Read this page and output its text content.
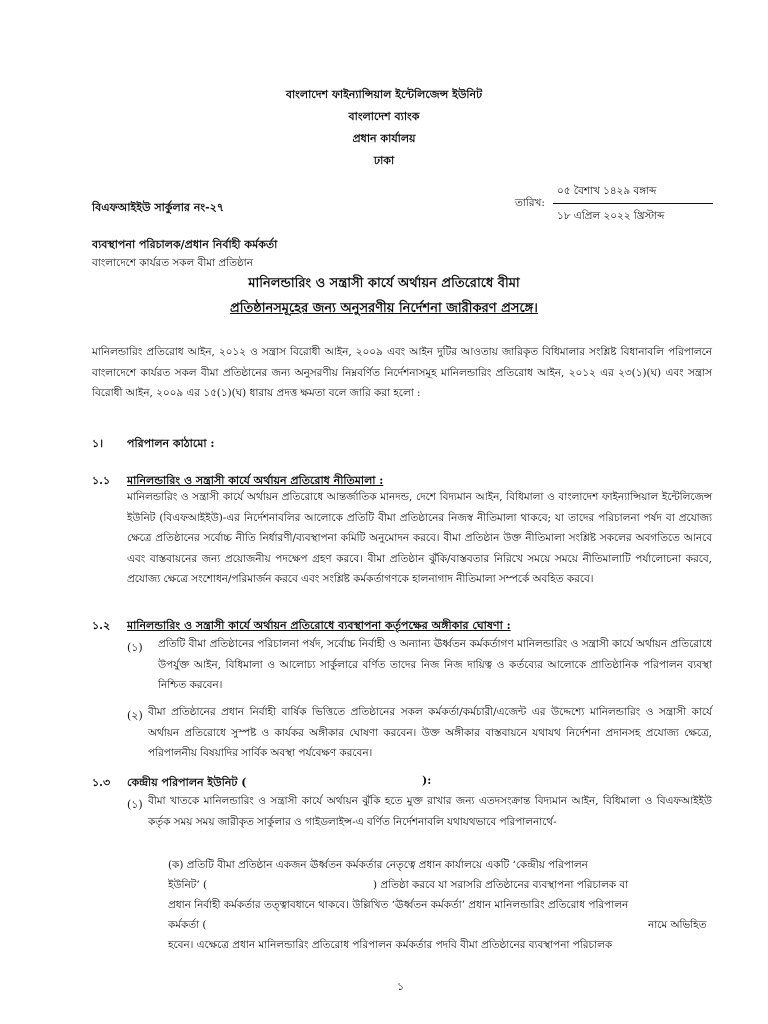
বাংলাদেশ ফাইন্যান্সিয়াল ইন্টেলিজেন্স ইউনিট
বাংলাদেশ ব্যাংক
প্রধান কার্যালয়
ঢাকা
বিএফআইইউ সার্কুলার নং-২৭	তারিখ:
০৫ বৈশাখ ১৪২৯ বঙ্গাব্দ
১৮ এপ্রিল ২০২২ খ্রিস্টাব্দ
ব্যবস্থাপনা পরিচালক/প্রধান নির্বাহী কর্মকর্তা
বাংলাদেশে কার্যরত সকল বীমা প্রতিষ্ঠান
মানিলন্ডারিং ও সন্ত্রাসী কার্যে অর্থায়ন প্রতিরোধে বীমা
প্রতিষ্ঠানসমূহের জন্য অনুসরণীয় নির্দেশনা জারীকরণ প্রসঙ্গে।
মানিলন্ডারিং প্রতিরোধ আইন, ২০১২ ও সন্ত্রাস বিরোধী আইন, ২০০৯ এবং আইন দুটির আওতায় জারিকৃত বিধিমালার সংশ্লিষ্ট বিধানাবলি পরিপালনে বাংলাদেশে কার্যরত সকল বীমা প্রতিষ্ঠানের জন্য অনুসরণীয় নিম্নবর্ণিত নির্দেশনাসমূহ মানিলন্ডারিং প্রতিরোধ আইন, ২০১২ এর ২৩(১)(ঘ) এবং সন্ত্রাস বিরোধী আইন, ২০০৯ এর ১৫(১)(ঘ) ধারায় প্রদত্ত ক্ষমতা বলে জারি করা হলো :
১। পরিপালন কাঠামো :
১.১ মানিলন্ডারিং ও সন্ত্রাসী কার্যে অর্থায়ন প্রতিরোধ নীতিমালা :
মানিলন্ডারিং ও সন্ত্রাসী কার্যে অর্থায়ন প্রতিরোধে আন্তর্জাতিক মানদন্ড, দেশে বিদ্যমান আইন, বিধিমালা ও বাংলাদেশ ফাইন্যান্সিয়াল ইন্টেলিজেন্স ইউনিট (বিএফআইইউ)-এর নির্দেশনাবলির আলোকে প্রতিটি বীমা প্রতিষ্ঠানের নিজস্ব নীতিমালা থাকবে; যা তাদের পরিচালনা পর্ষদ বা প্রযোজ্য ক্ষেত্রে প্রতিষ্ঠানের সর্বোচ্চ নীতি নির্ধারণী/ব্যবস্থাপনা কমিটি অনুমোদন করবে। বীমা প্রতিষ্ঠান উক্ত নীতিমালা সংশ্লিষ্ট সকলের অবগতিতে আনবে এবং বাস্তবায়নের জন্য প্রয়োজনীয় পদক্ষেপ গ্রহণ করবে। বীমা প্রতিষ্ঠান ঝুঁকি/বাস্তবতার নিরিখে সময়ে সময়ে নীতিমালাটি পর্যালোচনা করবে, প্রযোজ্য ক্ষেত্রে সংশোধন/পরিমার্জন করবে এবং সংশ্লিষ্ট কর্মকর্তাগণকে হালনাগাদ নীতিমালা সম্পর্কে অবহিত করবে।
১.২ মানিলন্ডারিং ও সন্ত্রাসী কার্যে অর্থায়ন প্রতিরোধে ব্যবস্থাপনা কর্তৃপক্ষের অঙ্গীকার ঘোষণা :
(১) প্রতিটি বীমা প্রতিষ্ঠানের পরিচালনা পর্ষদ, সর্বোচ্চ নির্বাহী ও অন্যান্য ঊর্ধ্বতন কর্মকর্তাগণ মানিলন্ডারিং ও সন্ত্রাসী কার্যে অর্থায়ন প্রতিরোধে উপর্যুক্ত আইন, বিধিমালা ও আলোচ্য সার্কুলারে বর্ণিত তাদের নিজ নিজ দায়িত্ব ও কর্তব্যের আলোকে প্রাতিষ্ঠানিক পরিপালন ব্যবস্থা নিশ্চিত করবেন।
(২) বীমা প্রতিষ্ঠানের প্রধান নির্বাহী বার্ষিক ভিত্তিতে প্রতিষ্ঠানের সকল কর্মকর্তা/কর্মচারী/এজেন্ট এর উদ্দেশ্যে মানিলন্ডারিং ও সন্ত্রাসী কার্যে অর্থায়ন প্রতিরোধে সুস্পষ্ট ও কার্যকর অঙ্গীকার ঘোষণা করবেন। উক্ত অঙ্গীকার বাস্তবায়নে যথাযথ নির্দেশনা প্রদানসহ প্রযোজ্য ক্ষেত্রে, পরিপালনীয় বিষয়াদির সার্বিক অবস্থা পর্যবেক্ষণ করবেন।
১.৩ কেন্দ্রীয় পরিপালন ইউনিট (	):
(১) বীমা খাতকে মানিলন্ডারিং ও সন্ত্রাসী কার্যে অর্থায়ন ঝুঁকি হতে মুক্ত রাখার জন্য এতদসংক্রান্ত বিদ্যমান আইন, বিধিমালা ও বিএফআইইউ কর্তৃক সময় সময় জারীকৃত সার্কুলার ও গাইডলাইন্স-এ বর্ণিত নির্দেশনাবলি যথাযথভাবে পরিপালনার্থে-
(ক) প্রতিটি বীমা প্রতিষ্ঠান একজন ঊর্ধ্বতন কর্মকর্তার নেতৃত্বে প্রধান কার্যালয়ে একটি ‘কেন্দ্রীয় পরিপালন
ইউনিট’ (	) প্রতিষ্ঠা করবে যা সরাসরি প্রতিষ্ঠানের ব্যবস্থাপনা পরিচালক বা
প্রধান নির্বাহী কর্মকর্তার তত্ত্বাবধানে থাকবে। উল্লিখিত ‘ঊর্ধ্বতন কর্মকর্তা’ প্রধান মানিলন্ডারিং প্রতিরোধ পরিপালন
কর্মকর্তা (	নামে অভিহিত
হবেন। এক্ষেত্রে প্রধান মানিলন্ডারিং প্রতিরোধ পরিপালন কর্মকর্তার পদবি বীমা প্রতিষ্ঠানের ব্যবস্থাপনা পরিচালক
১
